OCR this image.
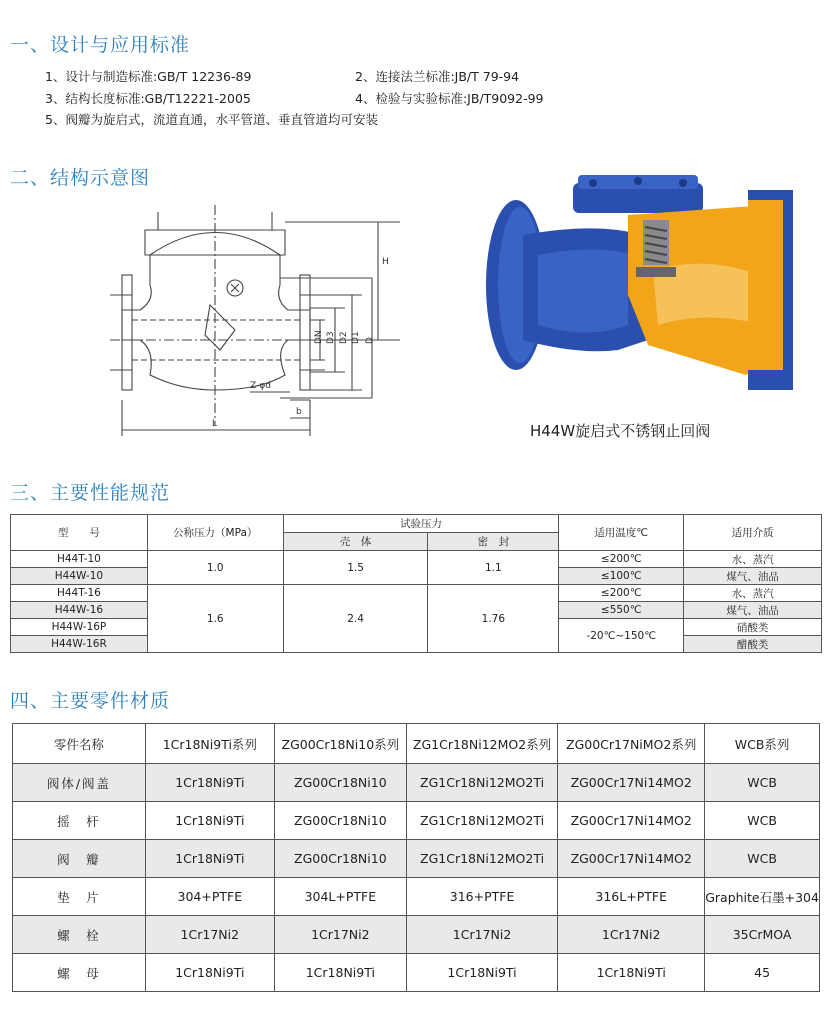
一、设计与应用标准
1、设计与制造标准:GB/T 12236-89	2、连接法兰标准:JB/T 79-94
3、结构长度标准:GB/T12221-2005	4、检验与实验标准:JB/T9092-99
5、阀瓣为旋启式，流道直通，水平管道、垂直管道均可安装
二、结构示意图
H
DN D3 D2 D1 D
Z-φd
b
L	H44W旋启式不锈钢止回阀
三、主要性能规范
型　　号	公称压力（MPa）	试验压力		适用温度℃	适用介质
		壳　体	密　封		
H44T-10	1.0	1.5	1.1	≤200℃	水、蒸汽
H44W-10				≤100℃	煤气、油品
H44T-16	1.6	2.4	1.76	≤200℃	水、蒸汽
H44W-16				≤550℃	煤气、油品
H44W-16P				-20℃~150℃	硝酸类
H44W-16R					醋酸类
四、主要零件材质
零件名称	1Cr18Ni9Ti系列	ZG00Cr18Ni10系列	ZG1Cr18Ni12MO2系列	ZG00Cr17NiMO2系列	WCB系列
阀体/阀盖	1Cr18Ni9Ti	ZG00Cr18Ni10	ZG1Cr18Ni12MO2Ti	ZG00Cr17Ni14MO2	WCB
摇　杆	1Cr18Ni9Ti	ZG00Cr18Ni10	ZG1Cr18Ni12MO2Ti	ZG00Cr17Ni14MO2	WCB
阀　瓣	1Cr18Ni9Ti	ZG00Cr18Ni10	ZG1Cr18Ni12MO2Ti	ZG00Cr17Ni14MO2	WCB
垫　片	304+PTFE	304L+PTFE	316+PTFE	316L+PTFE	Graphite石墨+304
螺　栓	1Cr17Ni2	1Cr17Ni2	1Cr17Ni2	1Cr17Ni2	35CrMOA
螺　母	1Cr18Ni9Ti	1Cr18Ni9Ti	1Cr18Ni9Ti	1Cr18Ni9Ti	45
